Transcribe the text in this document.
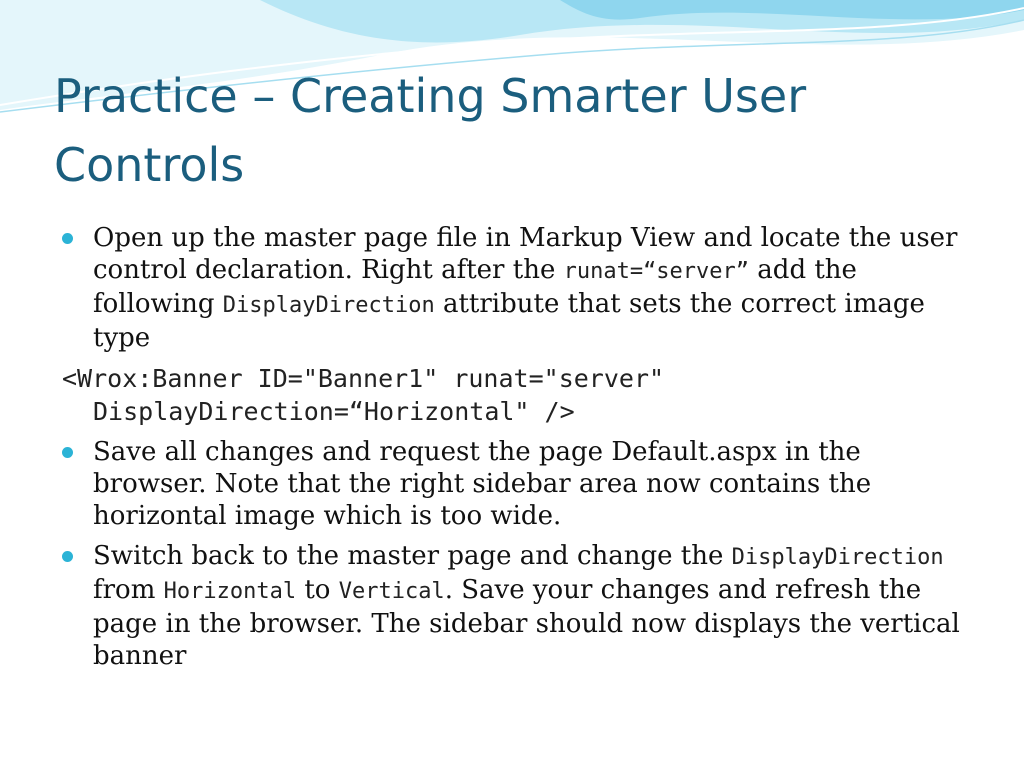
Practice – Creating Smarter User Controls
Open up the master page file in Markup View and locate the user control declaration. Right after the runat=“server” add the following DisplayDirection attribute that sets the correct image type
<Wrox:Banner ID="Banner1" runat="server"
DisplayDirection=“Horizontal" />
Save all changes and request the page Default.aspx in the browser. Note that the right sidebar area now contains the horizontal image which is too wide.
Switch back to the master page and change the DisplayDirection from Horizontal to Vertical. Save your changes and refresh the page in the browser. The sidebar should now displays the vertical banner
